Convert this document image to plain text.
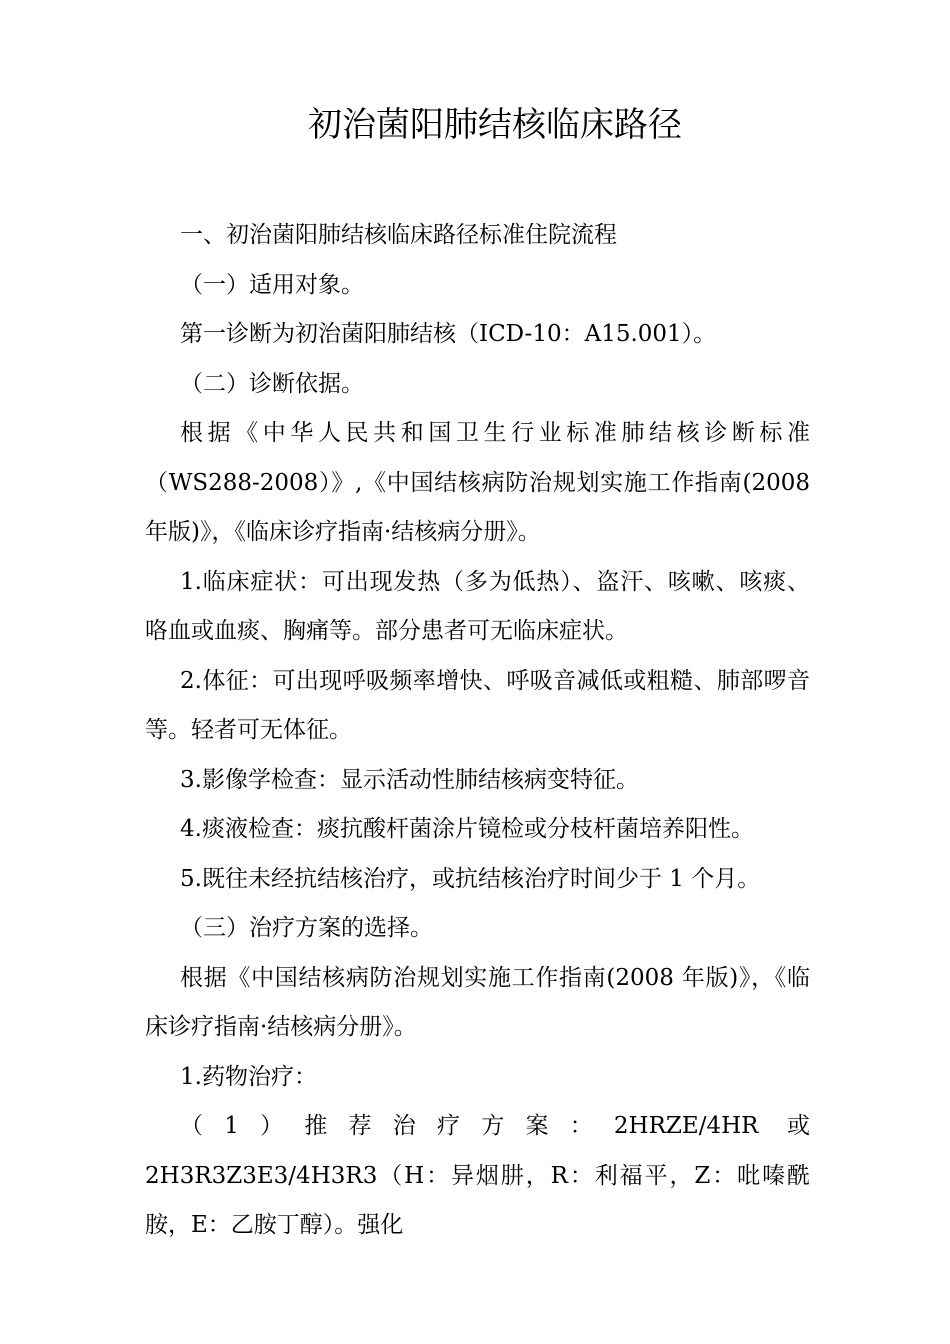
初治菌阳肺结核临床路径

一、初治菌阳肺结核临床路径标准住院流程

（一）适用对象。

第一诊断为初治菌阳肺结核（ICD-10：A15.001）。

（二）诊断依据。

根据《中华人民共和国卫生行业标准肺结核诊断标准（WS288-2008）》,《中国结核病防治规划实施工作指南(2008年版)》，《临床诊疗指南·结核病分册》。

1.临床症状：可出现发热（多为低热）、盗汗、咳嗽、咳痰、咯血或血痰、胸痛等。部分患者可无临床症状。

2.体征：可出现呼吸频率增快、呼吸音减低或粗糙、肺部啰音等。轻者可无体征。

3.影像学检查：显示活动性肺结核病变特征。

4.痰液检查：痰抗酸杆菌涂片镜检或分枝杆菌培养阳性。

5.既往未经抗结核治疗，或抗结核治疗时间少于 1 个月。

（三）治疗方案的选择。

根据《中国结核病防治规划实施工作指南(2008 年版)》，《临床诊疗指南·结核病分册》。

1.药物治疗：

（1）推荐治疗方案：2HRZE/4HR 或 2H3R3Z3E3/4H3R3（H：异烟肼，R：利福平，Z：吡嗪酰胺，E：乙胺丁醇）。强化
